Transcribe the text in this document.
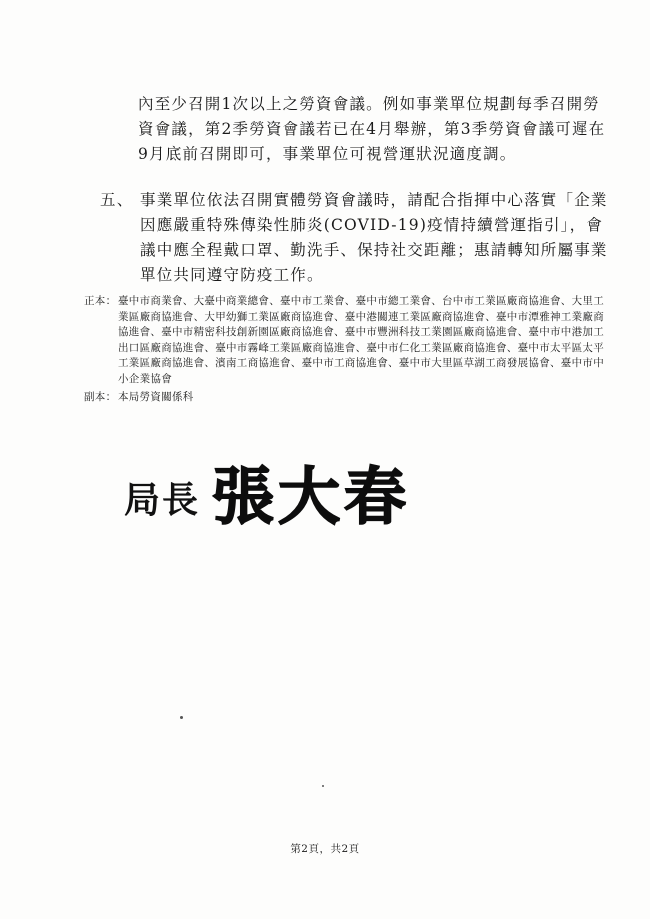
內至少召開1次以上之勞資會議。例如事業單位規劃每季召開勞資會議，第2季勞資會議若已在4月舉辦，第3季勞資會議可遲在9月底前召開即可，事業單位可視營運狀況適度調。
五、 事業單位依法召開實體勞資會議時，請配合指揮中心落實「企業因應嚴重特殊傳染性肺炎(COVID-19)疫情持續營運指引」，會議中應全程戴口罩、勤洗手、保持社交距離；惠請轉知所屬事業單位共同遵守防疫工作。
正本： 臺中市商業會、大臺中商業總會、臺中市工業會、臺中市總工業會、台中市工業區廠商協進會、大里工業區廠商協進會、大甲幼獅工業區廠商協進會、臺中港關連工業區廠商協進會、臺中市潭雅神工業廠商協進會、臺中市精密科技創新園區廠商協進會、臺中市豐洲科技工業園區廠商協進會、臺中市中港加工出口區廠商協進會、臺中市霧峰工業區廠商協進會、臺中市仁化工業區廠商協進會、臺中市太平區太平工業區廠商協進會、濱南工商協進會、臺中市工商協進會、臺中市大里區草湖工商發展協會、臺中市中小企業協會
副本： 本局勞資關係科
局長 張大春
第2頁，共2頁
